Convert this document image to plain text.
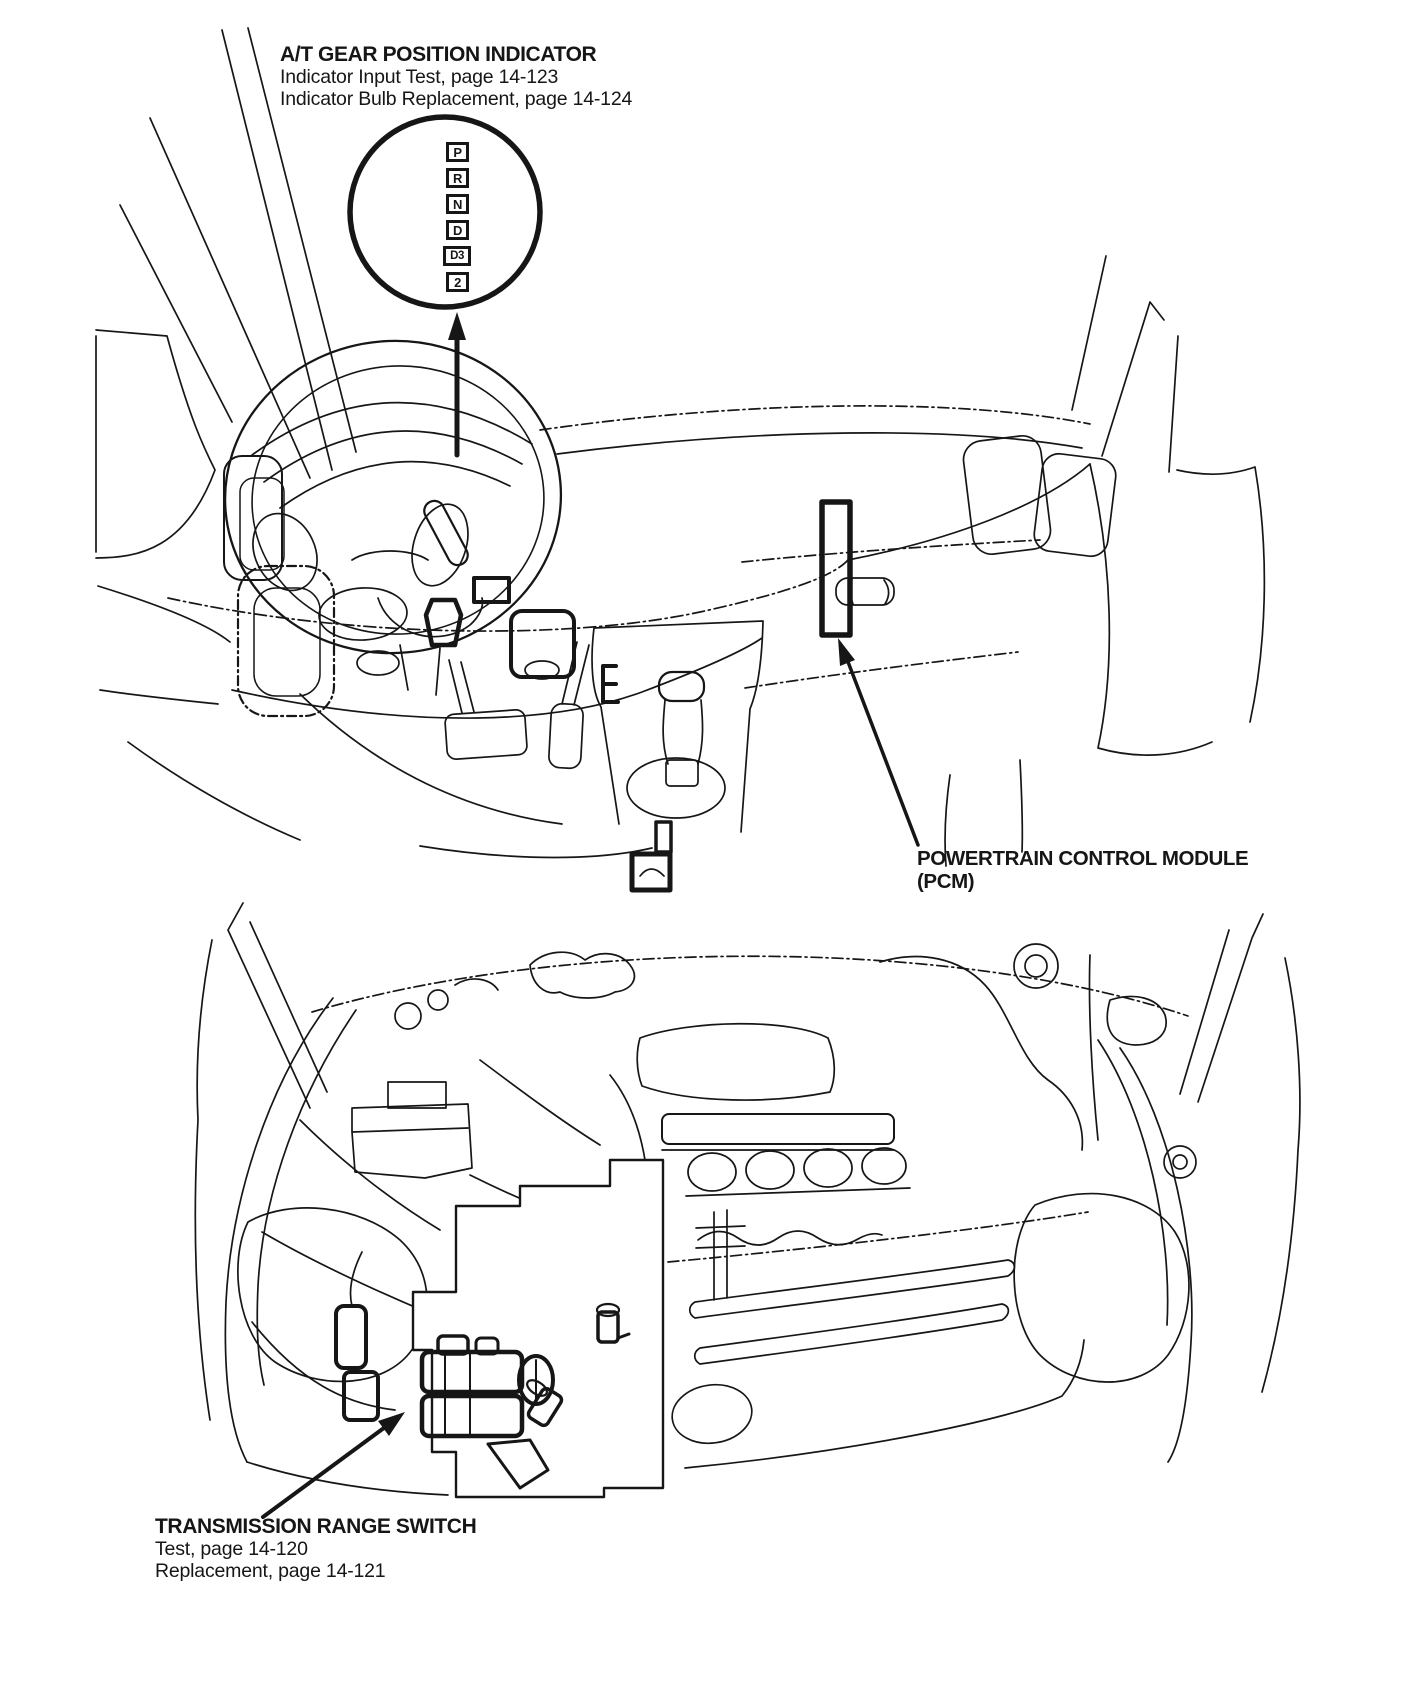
A/T GEAR POSITION INDICATOR
Indicator Input Test, page 14-123
Indicator Bulb Replacement, page 14-124
POWERTRAIN CONTROL MODULE
(PCM)
TRANSMISSION RANGE SWITCH
Test, page 14-120
Replacement, page 14-121
P
R
N
D
D3
2
